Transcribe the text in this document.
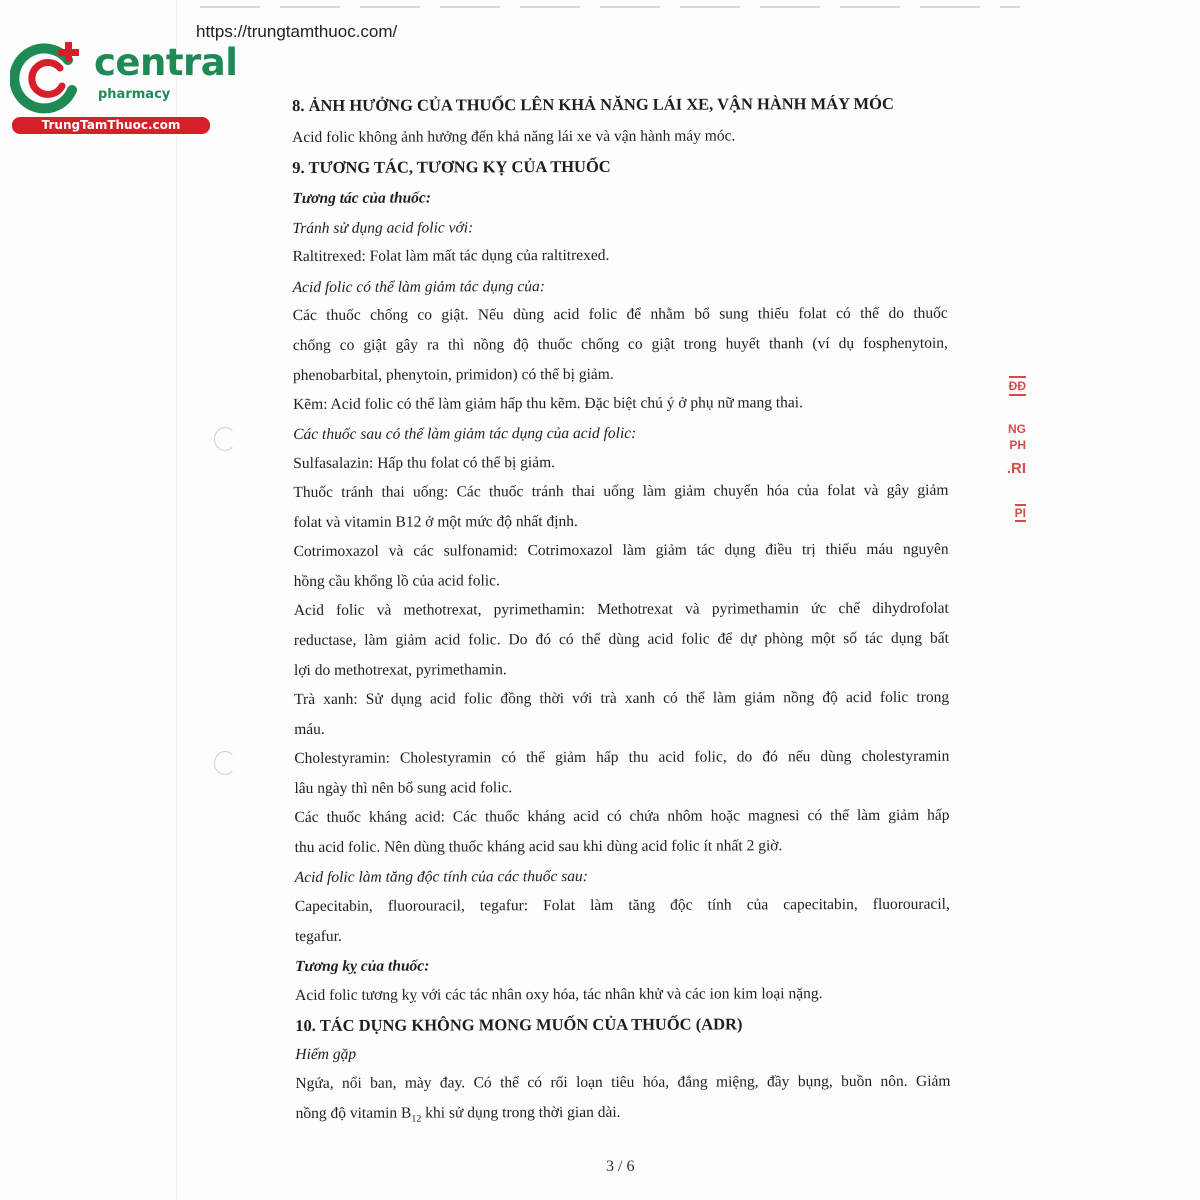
https://trungtamthuoc.com/
central
pharmacy
TrungTamThuoc.com
ĐĐ
NG
PH
.RI
PI
8. ẢNH HƯỞNG CỦA THUỐC LÊN KHẢ NĂNG LÁI XE, VẬN HÀNH MÁY MÓC
Acid folic không ảnh hưởng đến khả năng lái xe và vận hành máy móc.
9. TƯƠNG TÁC, TƯƠNG KỴ CỦA THUỐC
Tương tác của thuốc:
Tránh sử dụng acid folic với:
Raltitrexed: Folat làm mất tác dụng của raltitrexed.
Acid folic có thể làm giảm tác dụng của:
Các thuốc chống co giật. Nếu dùng acid folic để nhằm bổ sung thiếu folat có thể do thuốc
chống co giật gây ra thì nồng độ thuốc chống co giật trong huyết thanh (ví dụ fosphenytoin,
phenobarbital, phenytoin, primidon) có thể bị giảm.
Kẽm: Acid folic có thể làm giảm hấp thu kẽm. Đặc biệt chú ý ở phụ nữ mang thai.
Các thuốc sau có thể làm giảm tác dụng của acid folic:
Sulfasalazin: Hấp thu folat có thể bị giảm.
Thuốc tránh thai uống: Các thuốc tránh thai uống làm giảm chuyển hóa của folat và gây giảm
folat và vitamin B12 ở một mức độ nhất định.
Cotrimoxazol và các sulfonamid: Cotrimoxazol làm giảm tác dụng điều trị thiếu máu nguyên
hồng cầu khổng lồ của acid folic.
Acid folic và methotrexat, pyrimethamin: Methotrexat và pyrimethamin ức chế dihydrofolat
reductase, làm giảm acid folic. Do đó có thể dùng acid folic để dự phòng một số tác dụng bất
lợi do methotrexat, pyrimethamin.
Trà xanh: Sử dụng acid folic đồng thời với trà xanh có thể làm giảm nồng độ acid folic trong
máu.
Cholestyramin: Cholestyramin có thể giảm hấp thu acid folic, do đó nếu dùng cholestyramin
lâu ngày thì nên bổ sung acid folic.
Các thuốc kháng acid: Các thuốc kháng acid có chứa nhôm hoặc magnesi có thể làm giảm hấp
thu acid folic. Nên dùng thuốc kháng acid sau khi dùng acid folic ít nhất 2 giờ.
Acid folic làm tăng độc tính của các thuốc sau:
Capecitabin, fluorouracil, tegafur: Folat làm tăng độc tính của capecitabin, fluorouracil,
tegafur.
Tương kỵ của thuốc:
Acid folic tương kỵ với các tác nhân oxy hóa, tác nhân khử và các ion kim loại nặng.
10. TÁC DỤNG KHÔNG MONG MUỐN CỦA THUỐC (ADR)
Hiếm gặp
Ngứa, nổi ban, mày đay. Có thể có rối loạn tiêu hóa, đắng miệng, đầy bụng, buồn nôn. Giảm
nồng độ vitamin $B_{12}$ khi sử dụng trong thời gian dài.
3 / 6
